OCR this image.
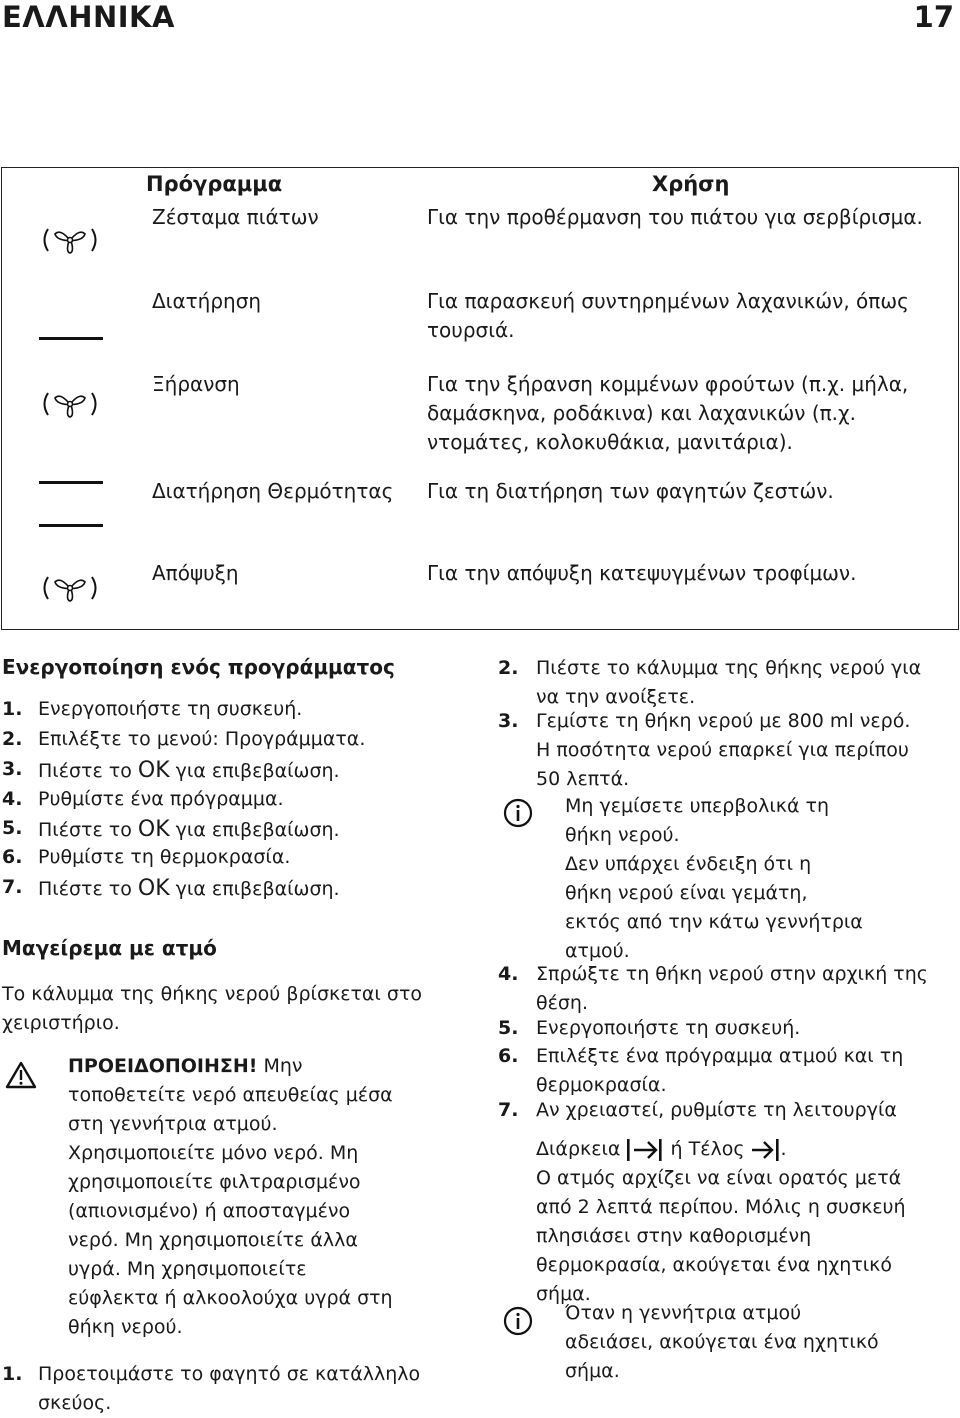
ΕΛΛΗΝΙΚΑ	17
Πρόγραμμα	Χρήση
Ζέσταμα πιάτων	Για την προθέρμανση του πιάτου για σερβίρισμα.
Διατήρηση	Για παρασκευή συντηρημένων λαχανικών, όπως
τουρσιά.
Ξήρανση	Για την ξήρανση κομμένων φρούτων (π.χ. μήλα,
δαμάσκηνα, ροδάκινα) και λαχανικών (π.χ.
ντομάτες, κολοκυθάκια, μανιτάρια).
Διατήρηση Θερμότητας Για τη διατήρηση των φαγητών ζεστών.
Απόψυξη	Για την απόψυξη κατεψυγμένων τροφίμων.
Ενεργοποίηση ενός προγράμματος
1. Ενεργοποιήστε τη συσκευή.
2. Επιλέξτε το μενού: Προγράμματα.
3. Πιέστε το OK για επιβεβαίωση.
4. Ρυθμίστε ένα πρόγραμμα.
5. Πιέστε το OK για επιβεβαίωση.
6. Ρυθμίστε τη θερμοκρασία.
7. Πιέστε το OK για επιβεβαίωση.
Μαγείρεμα με ατμό
Το κάλυμμα της θήκης νερού βρίσκεται στο
χειριστήριο.
ΠΡΟΕΙΔΟΠΟΙΗΣΗ! Μην
τοποθετείτε νερό απευθείας μέσα
στη γεννήτρια ατμού.
Χρησιμοποιείτε μόνο νερό. Μη
χρησιμοποιείτε φιλτραρισμένο
(απιονισμένο) ή αποσταγμένο
νερό. Μη χρησιμοποιείτε άλλα
υγρά. Μη χρησιμοποιείτε
εύφλεκτα ή αλκοολούχα υγρά στη
θήκη νερού.
1. Προετοιμάστε το φαγητό σε κατάλληλο
σκεύος.
2. Πιέστε το κάλυμμα της θήκης νερού για
να την ανοίξετε.
3. Γεμίστε τη θήκη νερού με 800 ml νερό.
Η ποσότητα νερού επαρκεί για περίπου
50 λεπτά.
Μη γεμίσετε υπερβολικά τη
θήκη νερού.
Δεν υπάρχει ένδειξη ότι η
θήκη νερού είναι γεμάτη,
εκτός από την κάτω γεννήτρια
ατμού.
4. Σπρώξτε τη θήκη νερού στην αρχική της
θέση.
5. Ενεργοποιήστε τη συσκευή.
6. Επιλέξτε ένα πρόγραμμα ατμού και τη
θερμοκρασία.
7. Αν χρειαστεί, ρυθμίστε τη λειτουργία
Διάρκεια  ή Τέλος .
Ο ατμός αρχίζει να είναι ορατός μετά
από 2 λεπτά περίπου. Μόλις η συσκευή
πλησιάσει στην καθορισμένη
θερμοκρασία, ακούγεται ένα ηχητικό
σήμα.
Όταν η γεννήτρια ατμού
αδειάσει, ακούγεται ένα ηχητικό
σήμα.
